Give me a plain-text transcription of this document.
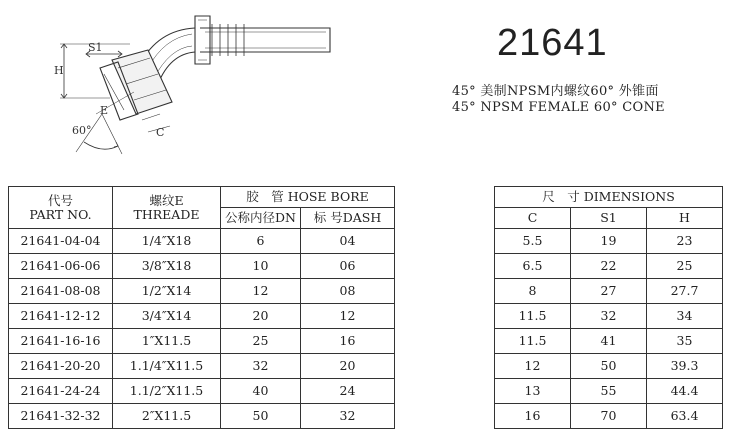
S1
H
E
C
60°
21641
45° 美制NPSM内螺纹60° 外锥面
45° NPSM FEMALE 60° CONE
代号
PART NO.	螺纹E
THREADE	胶　管 HOSE BORE			尺　寸 DIMENSIONS		
		公称内径DN	标 号DASH		C	S1	H
21641-04-04	1/4″X18	6	04		5.5	19	23
21641-06-06	3/8″X18	10	06		6.5	22	25
21641-08-08	1/2″X14	12	08		8	27	27.7
21641-12-12	3/4″X14	20	12		11.5	32	34
21641-16-16	1″X11.5	25	16		11.5	41	35
21641-20-20	1.1/4″X11.5	32	20		12	50	39.3
21641-24-24	1.1/2″X11.5	40	24		13	55	44.4
21641-32-32	2″X11.5	50	32		16	70	63.4
